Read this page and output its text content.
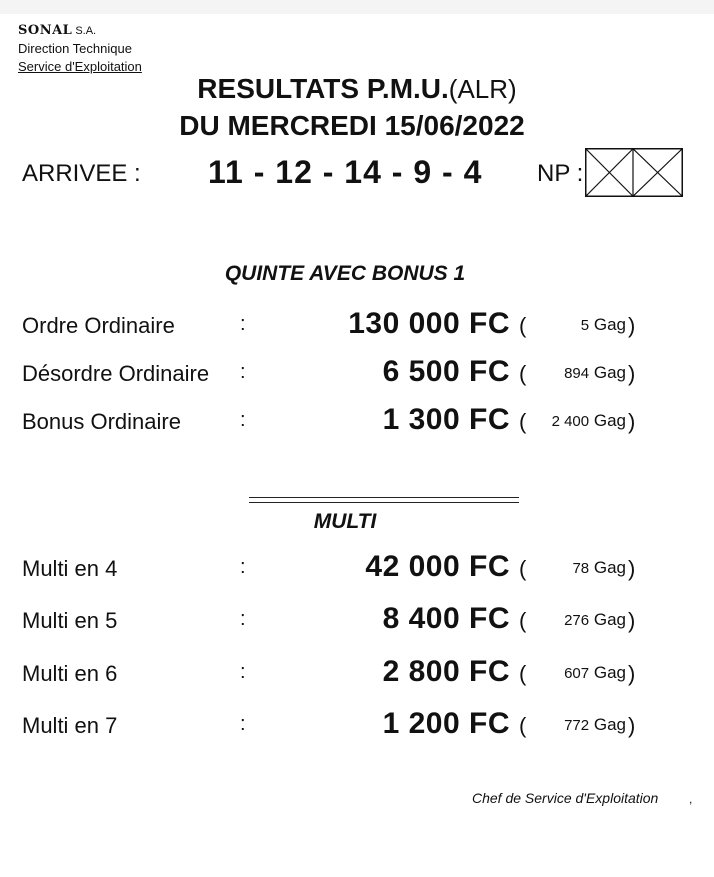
SONAL S.A.
Direction Technique
Service d'Exploitation
RESULTATS P.M.U.(ALR)
DU MERCREDI 15/06/2022
ARRIVEE : 11 - 12 - 14 - 9 - 4 NP :
QUINTE AVEC BONUS 1
Ordre Ordinaire	:	130 000 FC (	5 Gag )
Désordre Ordinaire :	6 500 FC (	894 Gag )
Bonus Ordinaire	:	1 300 FC ( 2 400 Gag )
MULTI
Multi en 4	:	42 000 FC (	78 Gag )
Multi en 5	:	8 400 FC (	276 Gag )
Multi en 6	:	2 800 FC (	607 Gag )
Multi en 7	:	1 200 FC (	772 Gag )
Chef de Service d'Exploitation	,
